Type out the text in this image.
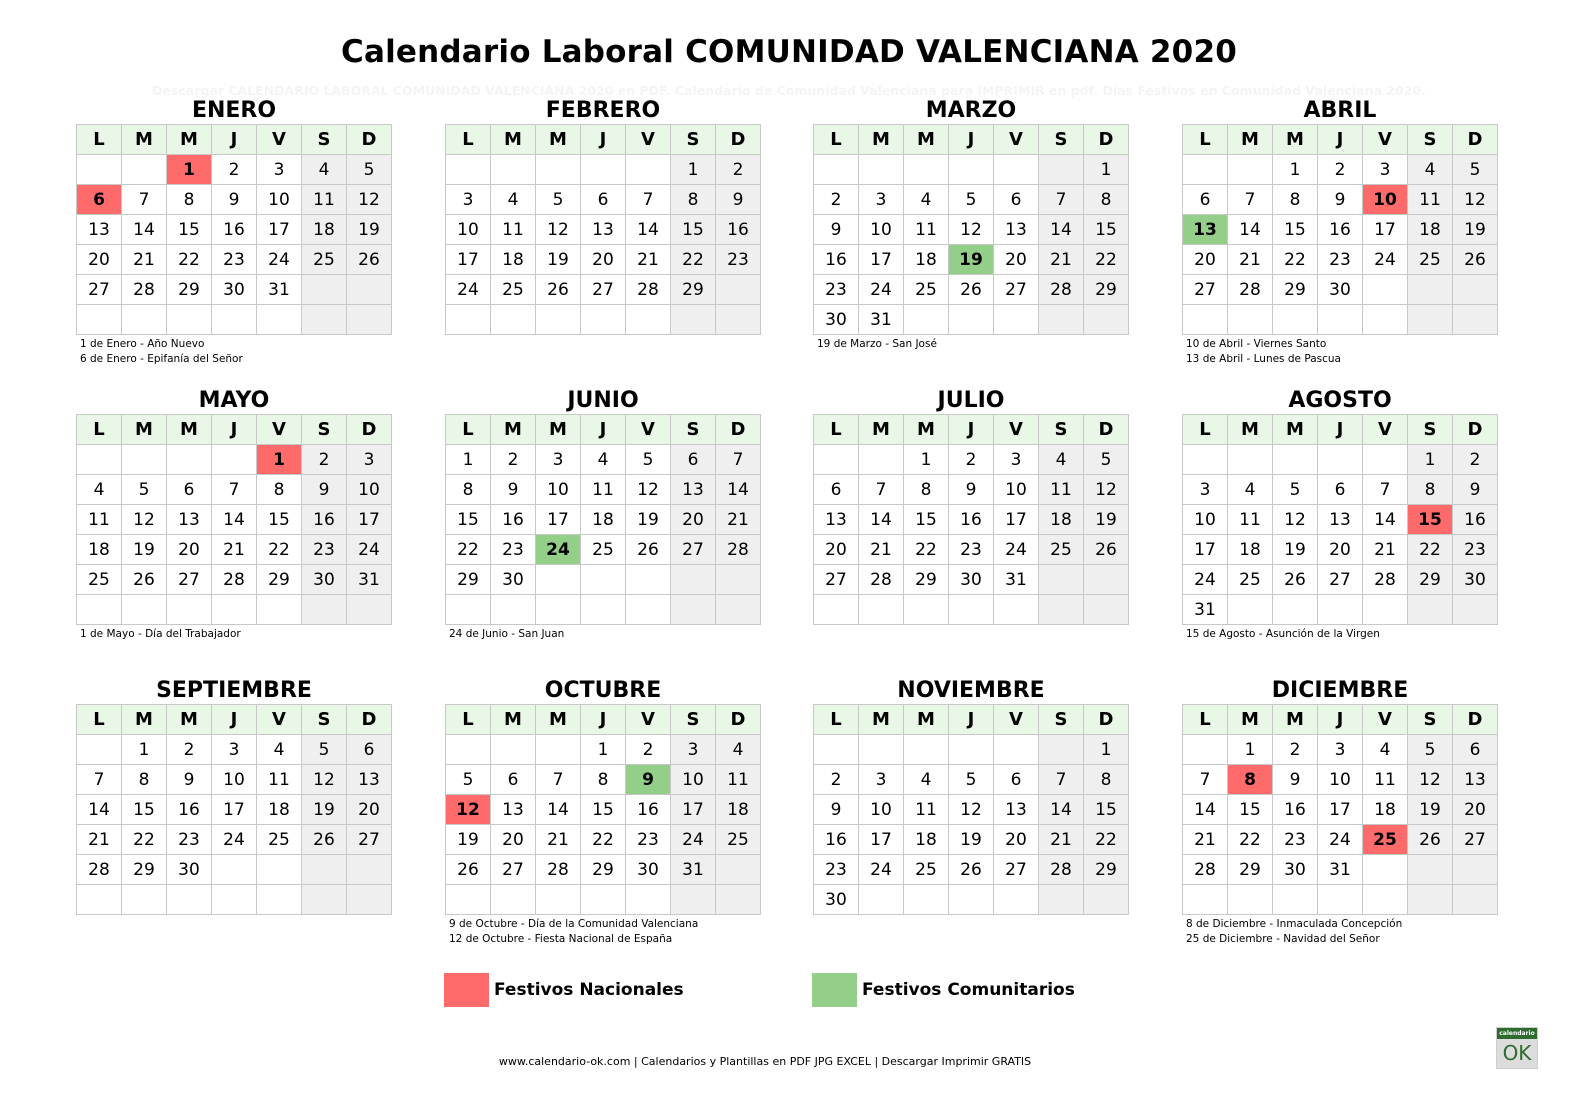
Calendario Laboral COMUNIDAD VALENCIANA 2020
Descargar CALENDARIO LABORAL COMUNIDAD VALENCIANA 2020 en PDF. Calendario de Comunidad Valenciana para IMPRIMIR en pdf. Días Festivos en Comunidad Valenciana 2020.
ENERO
L	M	M	J	V	S	D
		1	2	3	4	5
6	7	8	9	10	11	12
13	14	15	16	17	18	19
20	21	22	23	24	25	26
27	28	29	30	31		

1 de Enero - Año Nuevo
6 de Enero - Epifanía del Señor
FEBRERO
L	M	M	J	V	S	D
					1	2
3	4	5	6	7	8	9
10	11	12	13	14	15	16
17	18	19	20	21	22	23
24	25	26	27	28	29	

MARZO
L	M	M	J	V	S	D
						1
2	3	4	5	6	7	8
9	10	11	12	13	14	15
16	17	18	19	20	21	22
23	24	25	26	27	28	29
30	31					
19 de Marzo - San José
ABRIL
L	M	M	J	V	S	D
		1	2	3	4	5
6	7	8	9	10	11	12
13	14	15	16	17	18	19
20	21	22	23	24	25	26
27	28	29	30			

10 de Abril - Viernes Santo
13 de Abril - Lunes de Pascua
MAYO
L	M	M	J	V	S	D
				1	2	3
4	5	6	7	8	9	10
11	12	13	14	15	16	17
18	19	20	21	22	23	24
25	26	27	28	29	30	31

1 de Mayo - Día del Trabajador
JUNIO
L	M	M	J	V	S	D
1	2	3	4	5	6	7
8	9	10	11	12	13	14
15	16	17	18	19	20	21
22	23	24	25	26	27	28
29	30					

24 de Junio - San Juan
JULIO
L	M	M	J	V	S	D
		1	2	3	4	5
6	7	8	9	10	11	12
13	14	15	16	17	18	19
20	21	22	23	24	25	26
27	28	29	30	31		

AGOSTO
L	M	M	J	V	S	D
					1	2
3	4	5	6	7	8	9
10	11	12	13	14	15	16
17	18	19	20	21	22	23
24	25	26	27	28	29	30
31						
15 de Agosto - Asunción de la Virgen
SEPTIEMBRE
L	M	M	J	V	S	D
	1	2	3	4	5	6
7	8	9	10	11	12	13
14	15	16	17	18	19	20
21	22	23	24	25	26	27
28	29	30				

OCTUBRE
L	M	M	J	V	S	D
			1	2	3	4
5	6	7	8	9	10	11
12	13	14	15	16	17	18
19	20	21	22	23	24	25
26	27	28	29	30	31	

9 de Octubre - Día de la Comunidad Valenciana
12 de Octubre - Fiesta Nacional de España
NOVIEMBRE
L	M	M	J	V	S	D
						1
2	3	4	5	6	7	8
9	10	11	12	13	14	15
16	17	18	19	20	21	22
23	24	25	26	27	28	29
30						
DICIEMBRE
L	M	M	J	V	S	D
	1	2	3	4	5	6
7	8	9	10	11	12	13
14	15	16	17	18	19	20
21	22	23	24	25	26	27
28	29	30	31			

8 de Diciembre - Inmaculada Concepción
25 de Diciembre - Navidad del Señor
Festivos Nacionales	Festivos Comunitarios
www.calendario-ok.com | Calendarios y Plantillas en PDF JPG EXCEL | Descargar Imprimir GRATIS
calendario
OK
